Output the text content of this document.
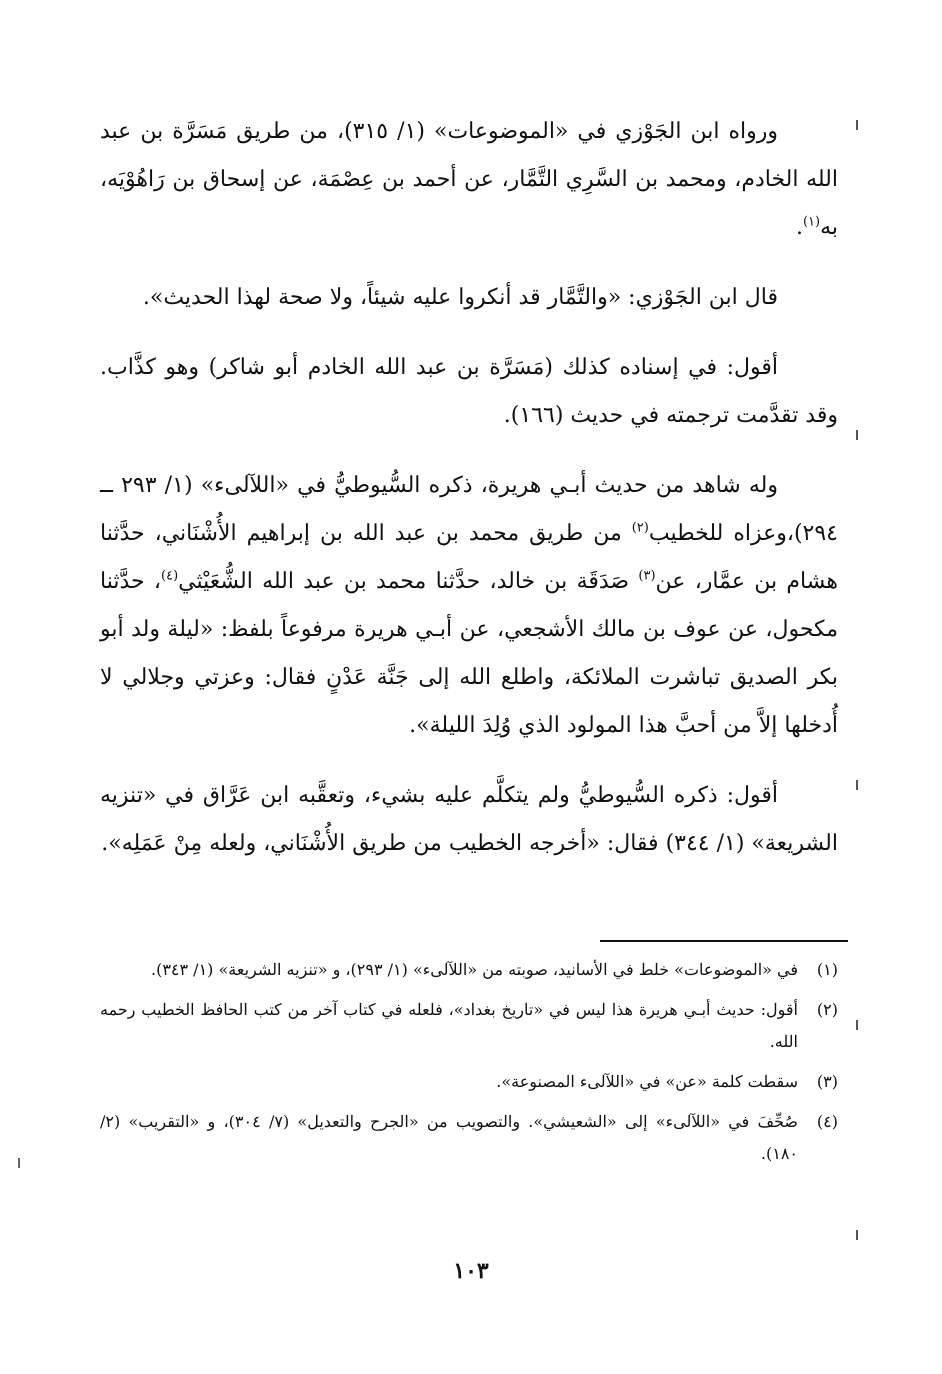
ورواه ابن الجَوْزي في «الموضوعات» (١/ ٣١٥)، من طريق مَسَرَّة بن عبد الله الخادم، ومحمد بن السَّرِي التَّمَّار، عن أحمد بن عِصْمَة، عن إسحاق بن رَاهُوْيَه، به$^{(١)}$.

قال ابن الجَوْزي: «والتَّمَّار قد أنكروا عليه شيئاً، ولا صحة لهذا الحديث».

أقول: في إسناده كذلك (مَسَرَّة بن عبد الله الخادم أبو شاكر) وهو كذَّاب. وقد تقدَّمت ترجمته في حديث (١٦٦).

وله شاهد من حديث أبـي هريرة، ذكره السُّيوطيُّ في «اللآلىء» (١/ ٢٩٣ ــ ٢٩٤)،وعزاه للخطيب$^{(٢)}$ من طريق محمد بن عبد الله بن إبراهيم الأُشْنَاني، حدَّثنا هشام بن عمَّار، عن$^{(٣)}$ صَدَقَة بن خالد، حدَّثنا محمد بن عبد الله الشُّعَيْثي$^{(٤)}$، حدَّثنا مكحول، عن عوف بن مالك الأشجعي، عن أبـي هريرة مرفوعاً بلفظ: «ليلة ولد أبو بكر الصديق تباشرت الملائكة، واطلع الله إلى جَنَّة عَدْنٍ فقال: وعزتي وجلالي لا أُدخلها إلاَّ من أحبَّ هذا المولود الذي وُلِدَ الليلة».

أقول: ذكره السُّيوطيُّ ولم يتكلَّم عليه بشيء، وتعقَّبه ابن عَرَّاق في «تنزيه الشريعة» (١/ ٣٤٤) فقال: «أخرجه الخطيب من طريق الأُشْنَاني، ولعله مِنْ عَمَلِه».

(١)
في «الموضوعات» خلط في الأسانيد، صوبته من «اللآلىء» (١/ ٢٩٣)، و «تنزيه الشريعة» (١/ ٣٤٣).
(٢)
أقول: حديث أبـي هريرة هذا ليس في «تاريخ بغداد»، فلعله في كتاب آخر من كتب الحافظ الخطيب رحمه الله.
(٣)
سقطت كلمة «عن» في «اللآلىء المصنوعة».
(٤)
صُحِّفَ في «اللآلىء» إلى «الشعيشي». والتصويب من «الجرح والتعديل» (٧/ ٣٠٤)، و «التقريب» (٢/ ١٨٠).
١٠٣
